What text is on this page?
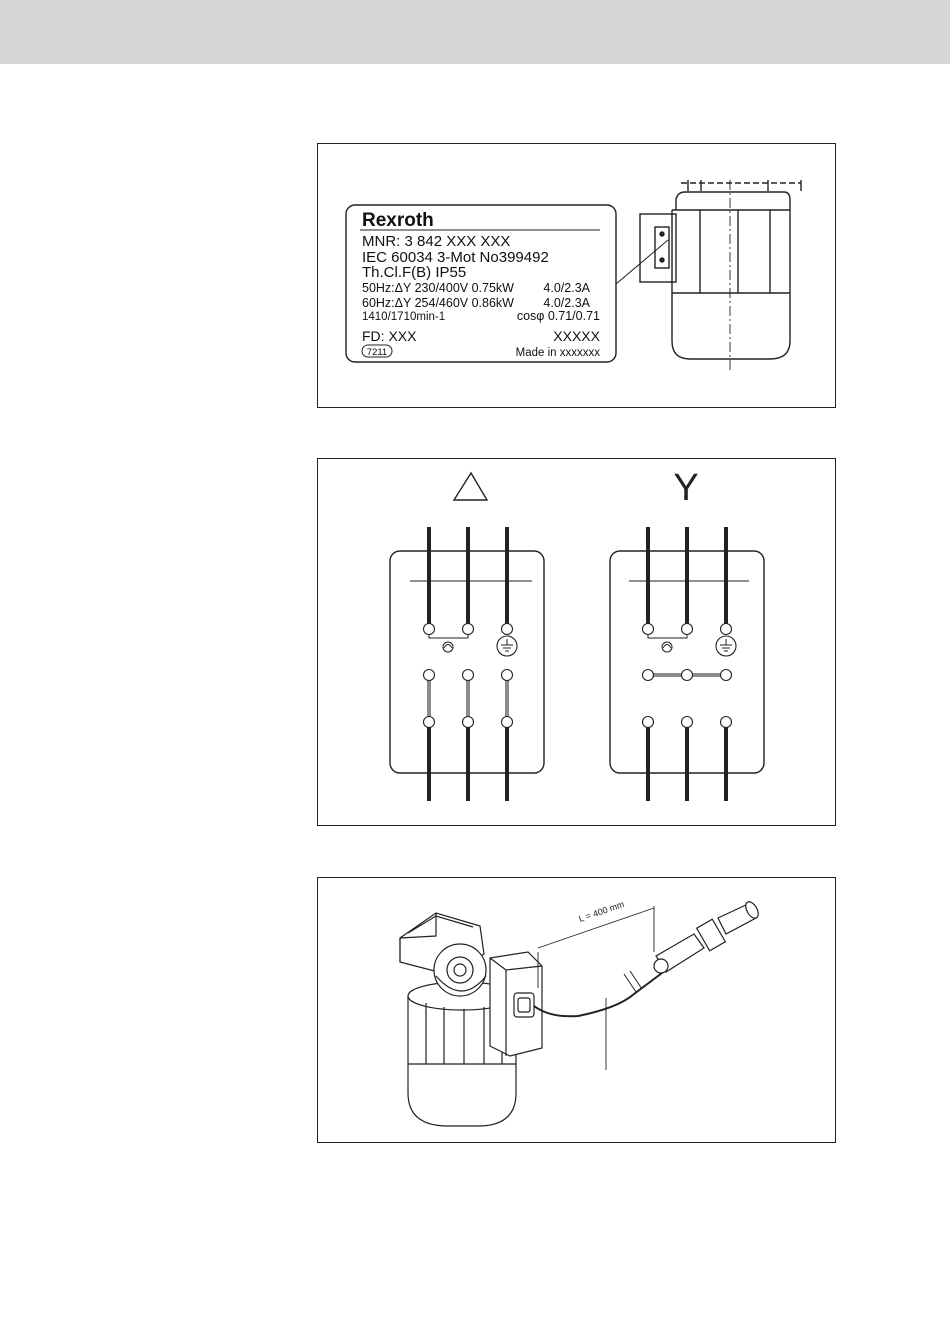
Rexroth
MNR: 3 842 XXX XXX
IEC 60034 3-Mot No399492
Th.Cl.F(B) IP55
50Hz:ΔY 230/400V 0.75kW 4.0/2.3A
60Hz:ΔY 254/460V 0.86kW 4.0/2.3A
1410/1710min-1	cosφ 0.71/0.71
FD: XXX	XXXXX
7211	Made in xxxxxxx
Y
L = 400 mm
